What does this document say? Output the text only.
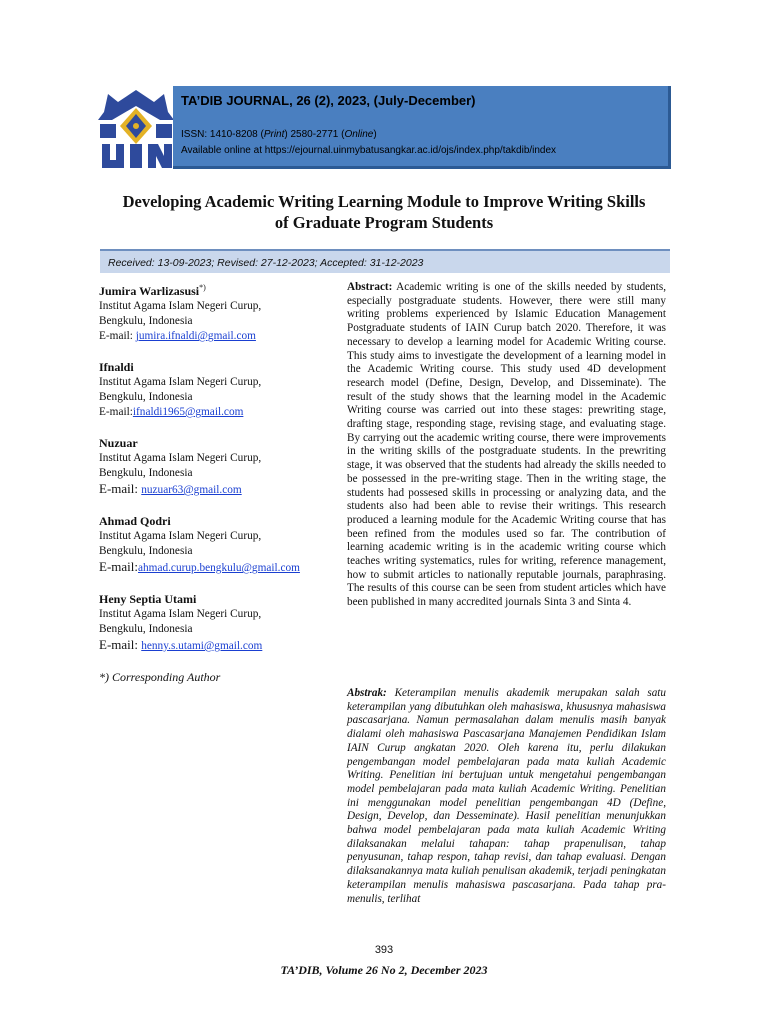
TA’DIB JOURNAL, 26 (2), 2023, (July-December)
ISSN: 1410-8208 (Print) 2580-2771 (Online)
Available online at https://ejournal.uinmybatusangkar.ac.id/ojs/index.php/takdib/index
Developing Academic Writing Learning Module to Improve Writing Skills
of Graduate Program Students
Received: 13-09-2023; Revised: 27-12-2023; Accepted: 31-12-2023
Jumira Warlizasusi*)
Institut Agama Islam Negeri Curup,
Bengkulu, Indonesia
E-mail: jumira.ifnaldi@gmail.com
Ifnaldi
Institut Agama Islam Negeri Curup,
Bengkulu, Indonesia
E-mail:ifnaldi1965@gmail.com
Nuzuar
Institut Agama Islam Negeri Curup,
Bengkulu, Indonesia
E-mail: nuzuar63@gmail.com
Ahmad Qodri
Institut Agama Islam Negeri Curup,
Bengkulu, Indonesia
E-mail:ahmad.curup.bengkulu@gmail.com
Heny Septia Utami
Institut Agama Islam Negeri Curup,
Bengkulu, Indonesia
E-mail: henny.s.utami@gmail.com
*) Corresponding Author
Abstract: Academic writing is one of the skills needed by students, especially postgraduate students. However, there were still many writing problems experienced by Islamic Education Management Postgraduate students of IAIN Curup batch 2020. Therefore, it was necessary to develop a learning model for Academic Writing course. This study aims to investigate the development of a learning model in the Academic Writing course. This study used 4D development research model (Define, Design, Develop, and Disseminate). The result of the study shows that the learning model in the Academic Writing course was carried out into these stages: prewriting stage, drafting stage, responding stage, revising stage, and evaluating stage. By carrying out the academic writing course, there were improvements in the writing skills of the postgraduate students. In the prewriting stage, it was observed that the students had already the skills needed to be possessed in the pre-writing stage. Then in the writing stage, the students had possesed skills in processing or analyzing data, and the students also had been able to revise their writings. This research produced a learning module for the Academic Writing course that has been refined from the modules used so far. The contribution of learning academic writing is in the academic writing course which teaches writing systematics, rules for writing, reference management, how to submit articles to nationally reputable journals, paraphrasing. The results of this course can be seen from student articles which have been published in many accredited journals Sinta 3 and Sinta 4.
Abstrak: Keterampilan menulis akademik merupakan salah satu keterampilan yang dibutuhkan oleh mahasiswa, khususnya mahasiswa pascasarjana. Namun permasalahan dalam menulis masih banyak dialami oleh mahasiswa Pascasarjana Manajemen Pendidikan Islam IAIN Curup angkatan 2020. Oleh karena itu, perlu dilakukan pengembangan model pembelajaran pada mata kuliah Academic Writing. Penelitian ini bertujuan untuk mengetahui pengembangan model pembelajaran pada mata kuliah Academic Writing. Penelitian ini menggunakan model penelitian pengembangan 4D (Define, Design, Develop, dan Desseminate). Hasil penelitian menunjukkan bahwa model pembelajaran pada mata kuliah Academic Writing dilaksanakan melalui tahapan: tahap prapenulisan, tahap penyusunan, tahap respon, tahap revisi, dan tahap evaluasi. Dengan dilaksanakannya mata kuliah penulisan akademik, terjadi peningkatan keterampilan menulis mahasiswa pascasarjana. Pada tahap pra-menulis, terlihat
393
TA’DIB, Volume 26 No 2, December 2023
